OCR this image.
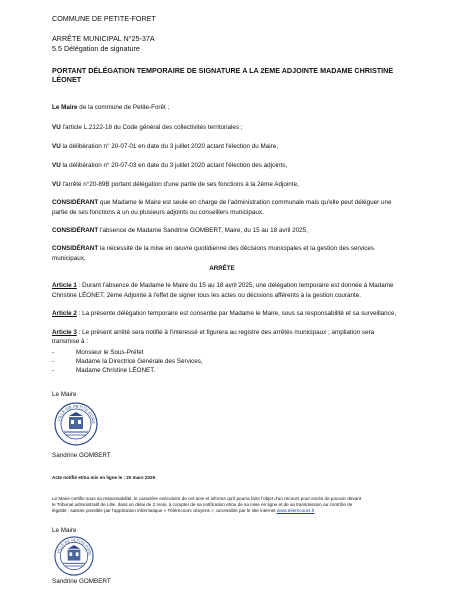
COMMUNE DE PETITE-FORET
ARRÊTE MUNICIPAL N°25-37A
5.5 Délégation de signature
PORTANT DÉLÉGATION TEMPORAIRE DE SIGNATURE A LA 2EME ADJOINTE MADAME CHRISTINE LÉONET
Le Maire de la commune de Petite-Forêt ;
VU l'article L.2122-18 du Code général des collectivités territoriales ;
VU la délibération n° 20-07-01 en date du 3 juillet 2020 actant l'élection du Maire,
VU la délibération n° 20-07-03 en date du 3 juillet 2020 actant l'élection des adjoints,
VU l'arrêté n°20-89B portant délégation d'une partie de ses fonctions à la 2ème Adjointe,
CONSIDÉRANT que Madame le Maire est seule en charge de l'administration communale mais qu'elle peut déléguer une
partie de ses fonctions à un ou plusieurs adjoints ou conseillers municipaux,
CONSIDÉRANT l'absence de Madame Sandrine GOMBERT, Maire, du 15 au 18 avril 2025,
CONSIDÉRANT la nécessité de la mise en œuvre quotidienne des décisions municipales et la gestion des services
municipaux,
ARRÊTE
Article 1 : Durant l'absence de Madame le Maire du 15 au 18 avril 2025, une délégation temporaire est donnée à Madame
Christine LÉONET, 2ème Adjointe à l'effet de signer tous les actes ou décisions afférents à la gestion courante.
Article 2 : La présente délégation temporaire est consentie par Madame le Maire, sous sa responsabilité et sa surveillance,
Article 3 : Le présent arrêté sera notifié à l'intéressé et figurera au registre des arrêtés municipaux ; ampliation sera
transmise à :
-	Monsieur le Sous-Préfet
-	Madame la Directrice Générale des Services,
-	Madame Christine LÉONET.
Le Maire
VILLE DE PETITE-FORE
Sandrine GOMBERT
Acte notifié et/ou mis en ligne le : 20 mars 2025
Le Maire certifie sous sa responsabilité, le caractère exécutoire de cet acte et informe qu'il pourra faire l'objet d'un recours pour excès de pouvoir devant
le Tribunal administratif de Lille, dans un délai de 2 mois, à compter de sa notification et/ou de sa mise en ligne et de sa transmission au contrôle de
légalité ; saisine possible par l'application informatique « Télérecours citoyens », accessible par le site internet www.telerecours.fr
Le Maire
VILLE DE PETITE-FORE
Sandrine GOMBERT
